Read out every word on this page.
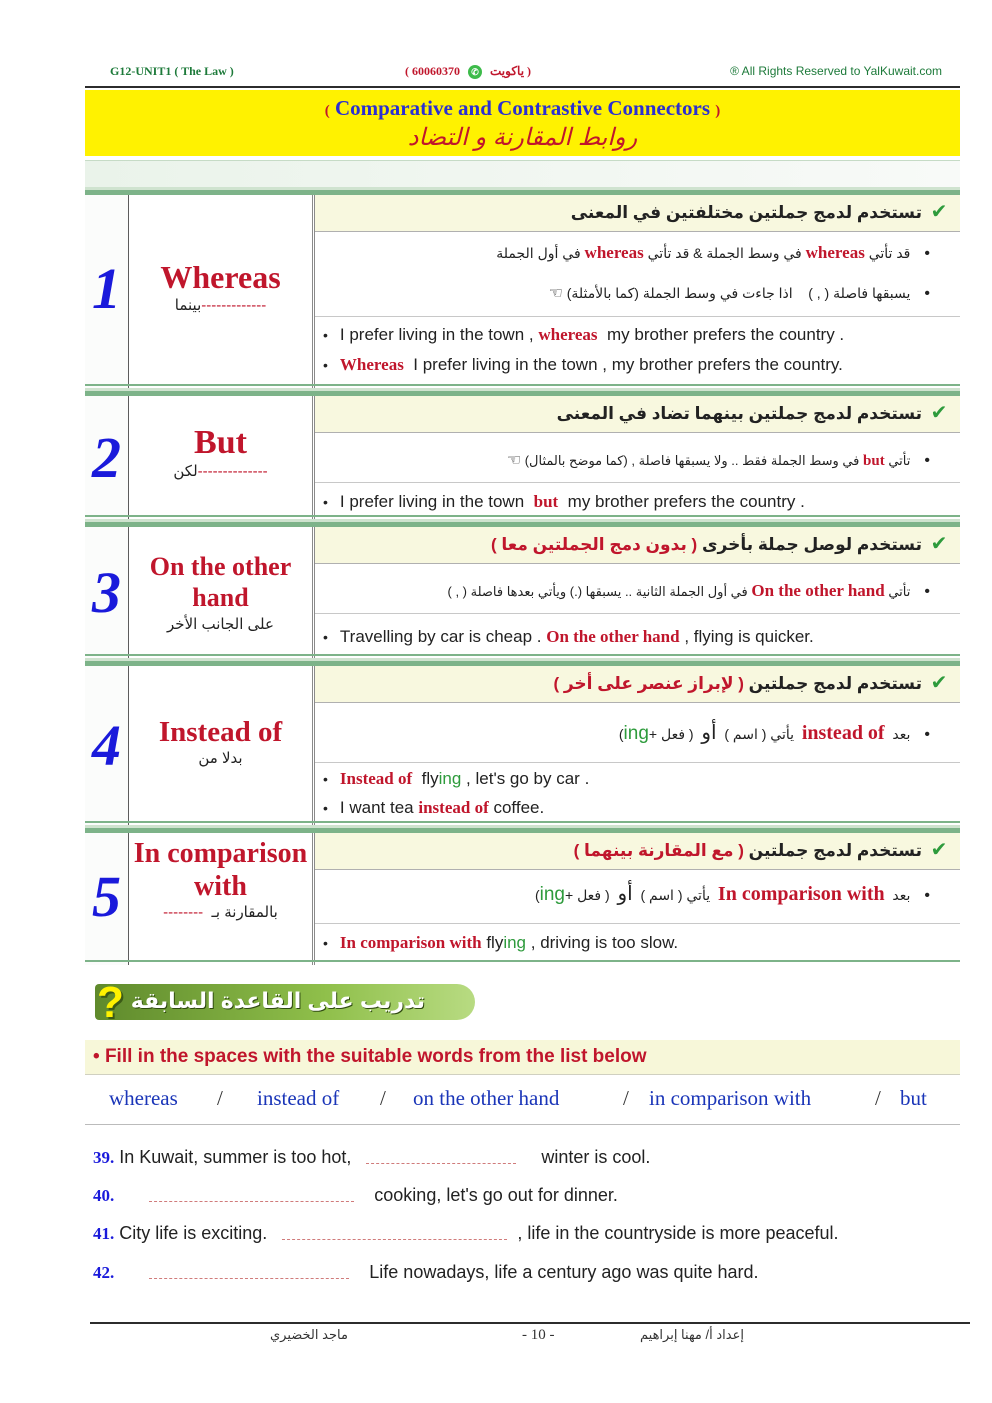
G12-UNIT1 ( The Law )	( 60060370 ✆ ياكويت )	® All Rights Reserved to YalKuwait.com
( Comparative and Contrastive Connectors )
روابط المقارنة و التضاد
1	Whereas
بينما-------------
تستخدم لدمج جملتين مختلفتين في المعنى ✔
•قد تأتي whereas في وسط الجملة & قد تأتي whereas في أول الجملة
•يسبقها فاصلة ( , )    اذا جاءت في وسط الجملة (كما بالأمثلة) ☜
• I prefer living in the town , whereas my brother prefers the country .
• Whereas I prefer living in the town , my brother prefers the country.
2	But
لكن--------------
تستخدم لدمج جملتين بينهما تضاد في المعنى ✔
•تأتي but في وسط الجملة فقط .. ولا يسبقها فاصلة , (كما موضح بالمثال) ☜
• I prefer living in the town but my brother prefers the country .
3	On the other hand
على الجانب الأخر
تستخدم لوصل جملة بأخرى ( بدون دمج الجملتين معا )	✔
•تأتي On the other hand في أول الجملة الثانية .. يسبقها (.) ويأتي بعدها فاصلة ( , )
• Travelling by car is cheap . On the other hand , flying is quicker.
4	Instead of
بدلا من
تستخدم لدمج جملتين ( لإبراز عنصر على أخر )	✔
•بعد  instead of  يأتي ( اسم )  أو  ( فعل +ing)
• Instead of flying , let's go by car .
• I want tea instead of coffee.
5
In comparison with
-------- بالمقارنة بـ
تستخدم لدمج جملتين ( مع المقارنة بينهما )	✔
•بعد  In comparison with  يأتي ( اسم )  أو  ( فعل +ing)
• In comparison with flying , driving is too slow.
? تدريب على القاعدة السابقة
• Fill in the spaces with the suitable words from the list below
whereas / instead of / on the other hand	/ in comparison with	/ but
39. In Kuwait, summer is too hot,	winter is cool.
40.	cooking, let's go out for dinner.
41. City life is exciting.	, life in the countryside is more peaceful.
42.	Life nowadays, life a century ago was quite hard.
ماجد الخضيري	- 10 -	إعداد أ/ مهنا إبراهيم
